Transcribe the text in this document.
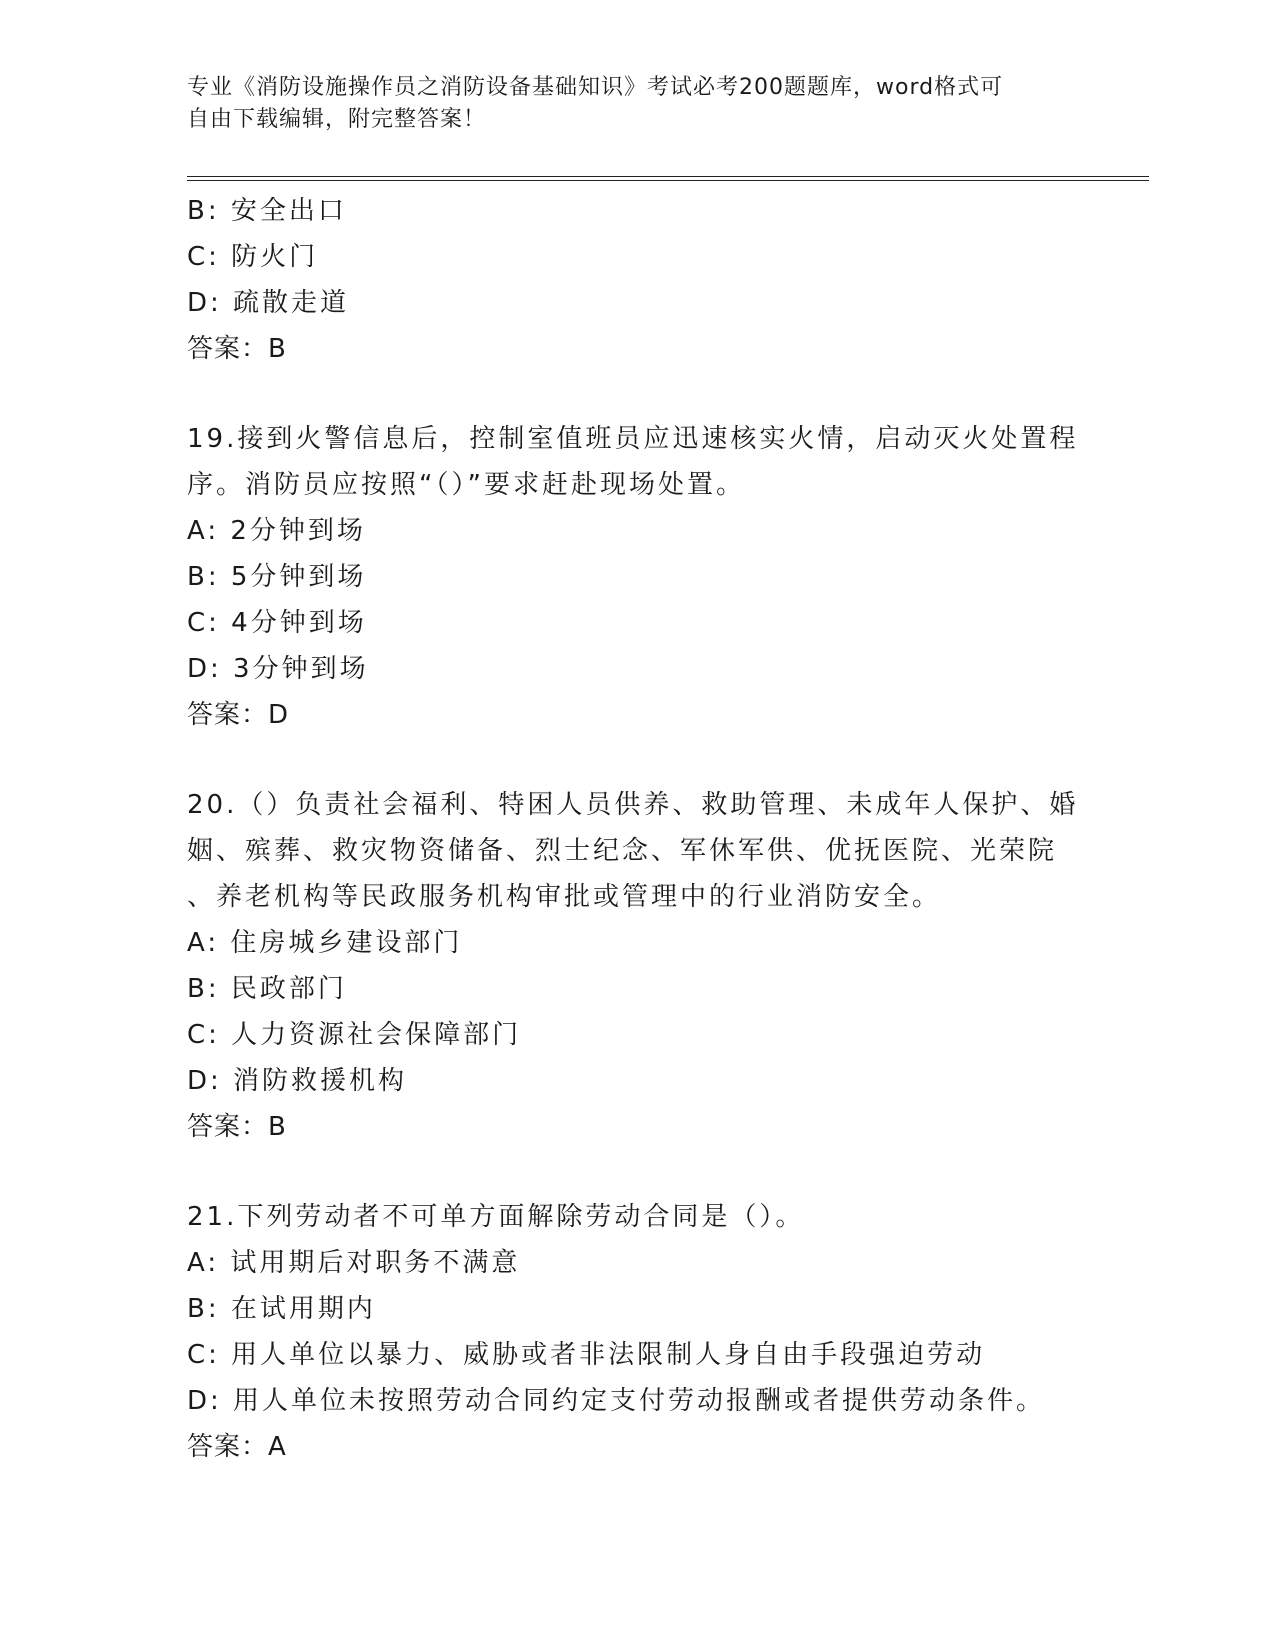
专业《消防设施操作员之消防设备基础知识》考试必考200题题库，word格式可
自由下载编辑，附完整答案！
B: 安全出口
C: 防火门
D: 疏散走道
答案：B
19.接到火警信息后，控制室值班员应迅速核实火情，启动灭火处置程
序。消防员应按照“（）”要求赶赴现场处置。
A: 2分钟到场
B: 5分钟到场
C: 4分钟到场
D: 3分钟到场
答案：D
20.（）负责社会福利、特困人员供养、救助管理、未成年人保护、婚
姻、殡葬、救灾物资储备、烈士纪念、军休军供、优抚医院、光荣院
、养老机构等民政服务机构审批或管理中的行业消防安全。
A: 住房城乡建设部门
B: 民政部门
C: 人力资源社会保障部门
D: 消防救援机构
答案：B
21.下列劳动者不可单方面解除劳动合同是（）。
A: 试用期后对职务不满意
B: 在试用期内
C: 用人单位以暴力、威胁或者非法限制人身自由手段强迫劳动
D: 用人单位未按照劳动合同约定支付劳动报酬或者提供劳动条件。
答案：A
